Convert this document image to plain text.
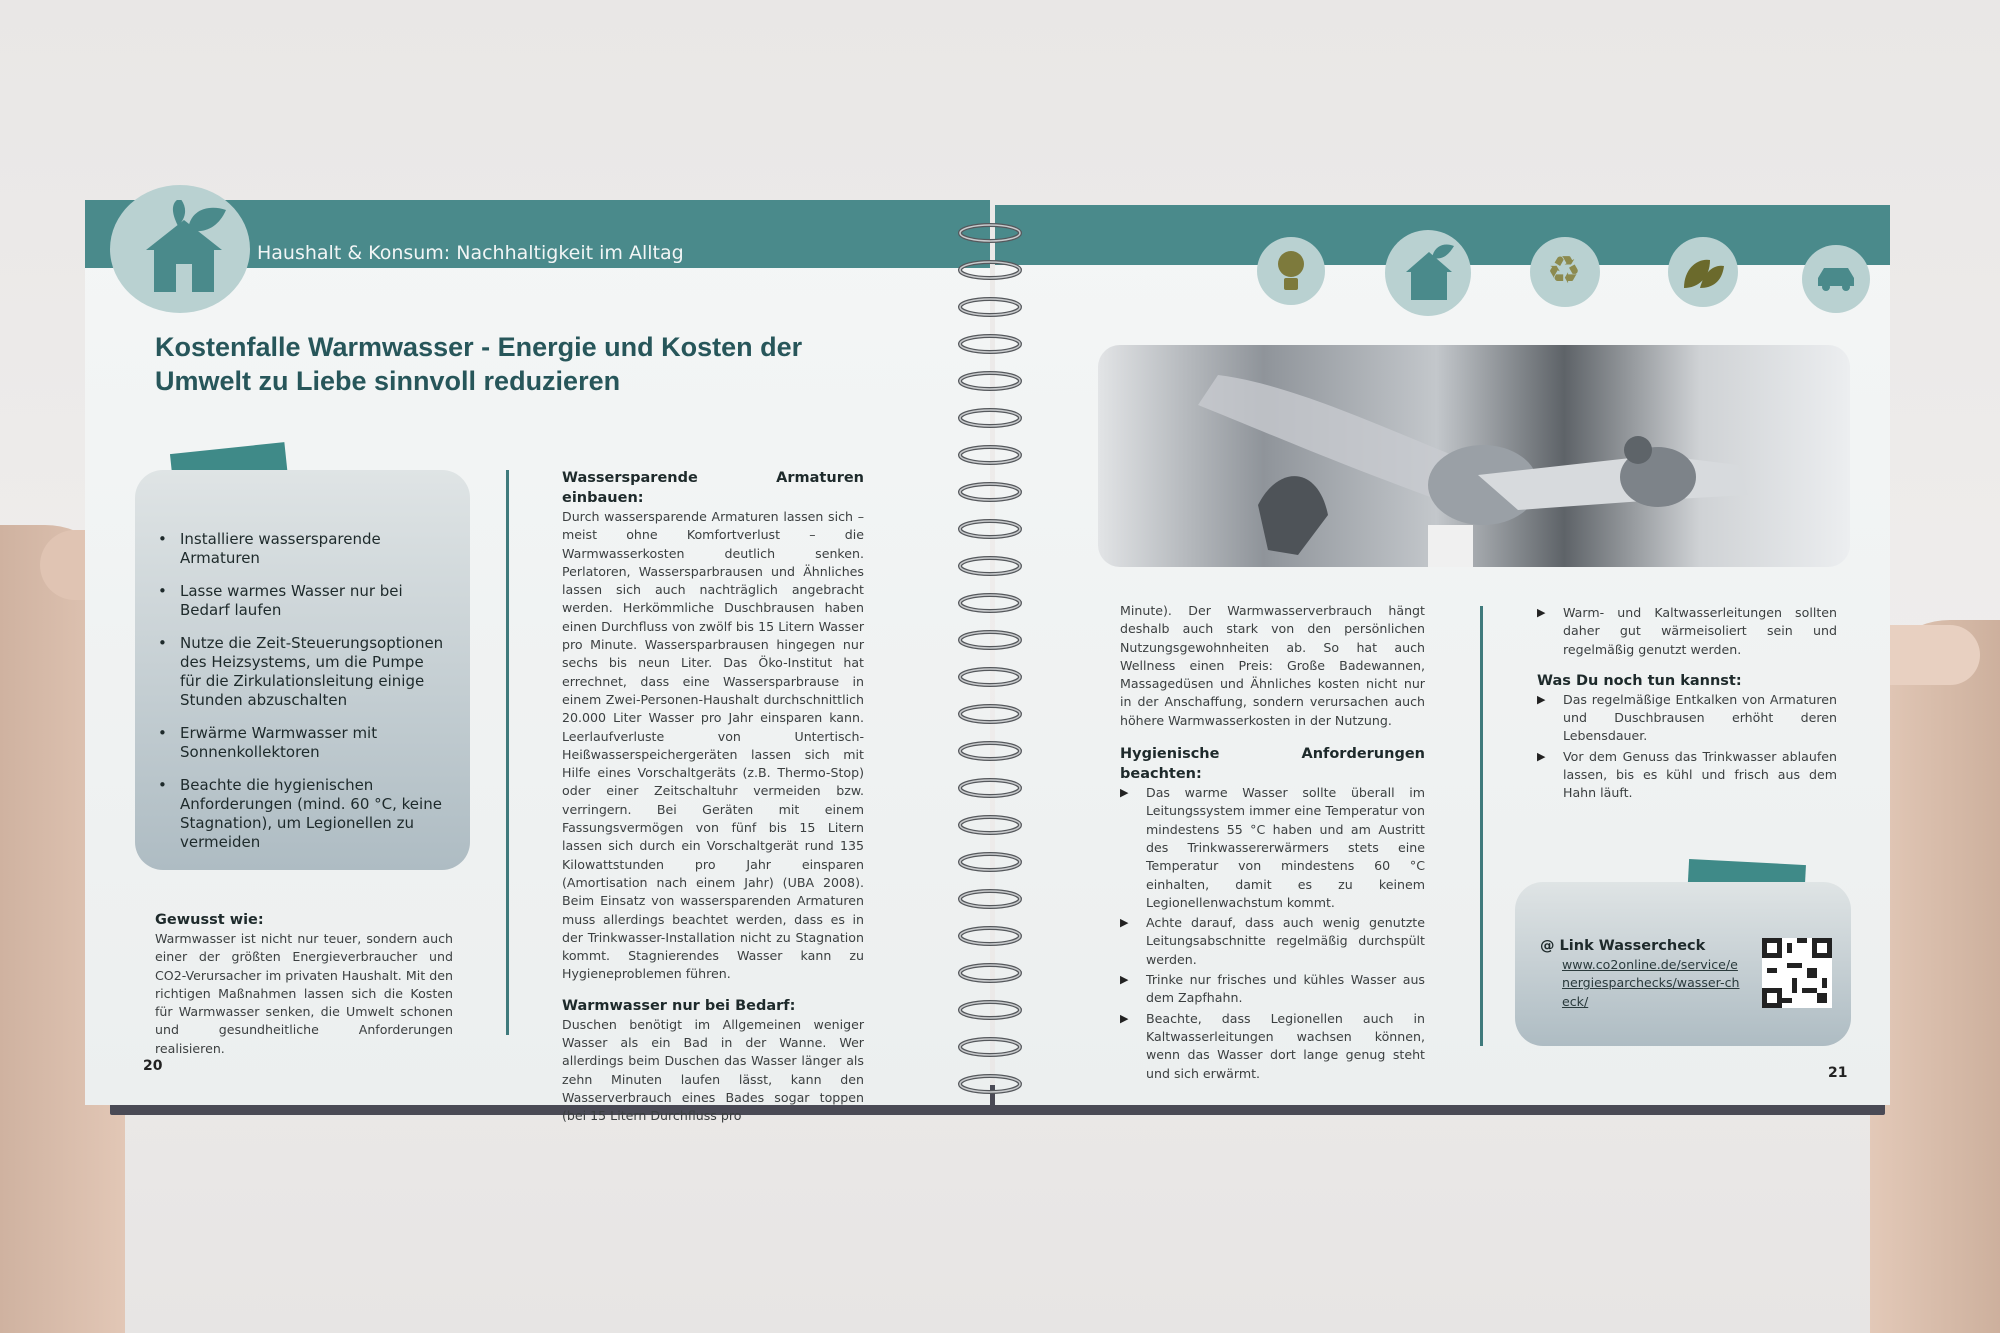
Haushalt & Konsum: Nachhaltigkeit im Alltag
Kostenfalle Warmwasser - Energie und Kosten der Umwelt zu Liebe sinnvoll reduzieren
• Installiere wassersparende Armaturen
• Lasse warmes Wasser nur bei Bedarf laufen
• Nutze die Zeit-Steuerungsoptionen des Heizsystems, um die Pumpe für die Zirkulationsleitung einige Stunden abzuschalten
• Erwärme Warmwasser mit Sonnenkollektoren
• Beachte die hygienischen Anforderungen (mind. 60 °C, keine Stagnation), um Legionellen zu vermeiden
Gewusst wie:

Warmwasser ist nicht nur teuer, sondern auch einer der größten Energieverbraucher und CO2-Verursacher im privaten Haushalt. Mit den richtigen Maßnahmen lassen sich die Kosten für Warmwasser senken, die Umwelt schonen und gesundheitliche Anforderungen realisieren.

Wassersparende Armaturen einbauen:

Durch wassersparende Armaturen lassen sich – meist ohne Komfortverlust – die Warmwasserkosten deutlich senken. Perlatoren, Wassersparbrausen und Ähnliches lassen sich auch nachträglich angebracht werden. Herkömmliche Duschbrausen haben einen Durchfluss von zwölf bis 15 Litern Wasser pro Minute. Wassersparbrausen hingegen nur sechs bis neun Liter. Das Öko-Institut hat errechnet, dass eine Wassersparbrause in einem Zwei-Personen-Haushalt durchschnittlich 20.000 Liter Wasser pro Jahr einsparen kann. Leerlaufverluste von Untertisch-Heißwasserspeichergeräten lassen sich mit Hilfe eines Vorschaltgeräts (z.B. Thermo-Stop) oder einer Zeitschaltuhr vermeiden bzw. verringern. Bei Geräten mit einem Fassungsvermögen von fünf bis 15 Litern lassen sich durch ein Vorschaltgerät rund 135 Kilowattstunden pro Jahr einsparen (Amortisation nach einem Jahr) (UBA 2008). Beim Einsatz von wassersparenden Armaturen muss allerdings beachtet werden, dass es in der Trinkwasser-Installation nicht zu Stagnation kommt. Stagnierendes Wasser kann zu Hygieneproblemen führen.

Warmwasser nur bei Bedarf:

Duschen benötigt im Allgemeinen weniger Wasser als ein Bad in der Wanne. Wer allerdings beim Duschen das Wasser länger als zehn Minuten laufen lässt, kann den Wasserverbrauch eines Bades sogar toppen (bei 15 Litern Durchfluss pro

20
♻

Minute). Der Warmwasserverbrauch hängt deshalb auch stark von den persönlichen Nutzungsgewohnheiten ab. So hat auch Wellness einen Preis: Große Badewannen, Massagedüsen und Ähnliches kosten nicht nur in der Anschaffung, sondern verursachen auch höhere Warmwasserkosten in der Nutzung.

Hygienische Anforderungen beachten:
▶ Das warme Wasser sollte überall im Leitungssystem immer eine Temperatur von mindestens 55 °C haben und am Austritt des Trinkwassererwärmers stets eine Temperatur von mindestens 60 °C einhalten, damit es zu keinem Legionellenwachstum kommt.
▶ Achte darauf, dass auch wenig genutzte Leitungsabschnitte regelmäßig durchspült werden.
▶ Trinke nur frisches und kühles Wasser aus dem Zapfhahn.
▶ Beachte, dass Legionellen auch in Kaltwasserleitungen wachsen können, wenn das Wasser dort lange genug steht und sich erwärmt.
▶ Warm- und Kaltwasserleitungen sollten daher gut wärmeisoliert sein und regelmäßig genutzt werden.
Was Du noch tun kannst:
▶ Das regelmäßige Entkalken von Armaturen und Duschbrausen erhöht deren Lebensdauer.
▶ Vor dem Genuss das Trinkwasser ablaufen lassen, bis es kühl und frisch aus dem Hahn läuft.
@ Link Wassercheck
www.co2online.de/service/energiesparchecks/wasser-check/
21
